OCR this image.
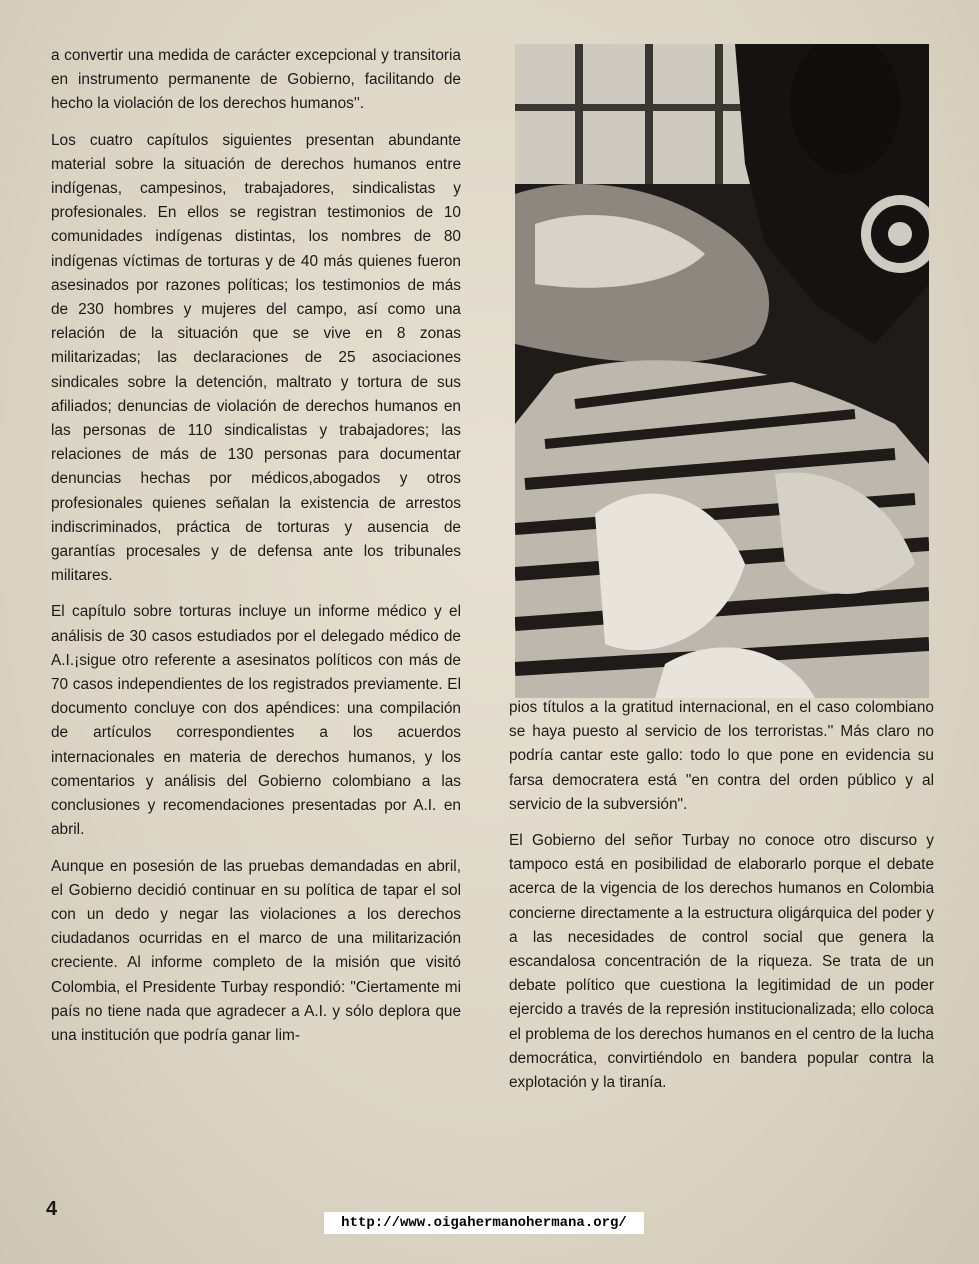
a convertir una medida de carácter excepcional y transitoria en instrumento permanente de Gobierno, facilitando de hecho la violación de los derechos humanos''.

Los cuatro capítulos siguientes presentan abundante material sobre la situación de derechos humanos entre indígenas, campesinos, trabajadores, sindicalistas y profesionales. En ellos se registran testimonios de 10 comunidades indígenas distintas, los nombres de 80 indígenas víctimas de torturas y de 40 más quienes fueron asesinados por razones políticas; los testimonios de más de 230 hombres y mujeres del campo, así como una relación de la situación que se vive en 8 zonas militarizadas; las declaraciones de 25 asociaciones sindicales sobre la detención, maltrato y tortura de sus afiliados; denuncias de violación de derechos humanos en las personas de 110 sindicalistas y trabajadores; las relaciones de más de 130 personas para documentar denuncias hechas por médicos,abogados y otros profesionales quienes señalan la existencia de arrestos indiscriminados, práctica de torturas y ausencia de garantías procesales y de defensa ante los tribunales militares.

El capítulo sobre torturas incluye un informe médico y el análisis de 30 casos estudiados por el delegado médico de A.I.¡sigue otro referente a asesinatos políticos con más de 70 casos independientes de los registrados previamente. El documento concluye con dos apéndices: una compilación de artículos correspondientes a los acuerdos internacionales en materia de derechos humanos, y los comentarios y análisis del Gobierno colombiano a las conclusiones y recomendaciones presentadas por A.I. en abril.

Aunque en posesión de las pruebas demandadas en abril, el Gobierno decidió continuar en su política de tapar el sol con un dedo y negar las violaciones a los derechos ciudadanos ocurridas en el marco de una militarización creciente. Al informe completo de la misión que visitó Colombia, el Presidente Turbay respondió: "Ciertamente mi país no tiene nada que agradecer a A.I. y sólo deplora que una institución que podría ganar lim-

pios títulos a la gratitud internacional, en el caso colombiano se haya puesto al servicio de los terroristas.'' Más claro no podría cantar este gallo: todo lo que pone en evidencia su farsa democratera está "en contra del orden público y al servicio de la subversión".

El Gobierno del señor Turbay no conoce otro discurso y tampoco está en posibilidad de elaborarlo porque el debate acerca de la vigencia de los derechos humanos en Colombia concierne directamente a la estructura oligárquica del poder y a las necesidades de control social que genera la escandalosa concentración de la riqueza. Se trata de un debate político que cuestiona la legitimidad de un poder ejercido a través de la represión institucionalizada; ello coloca el problema de los derechos humanos en el centro de la lucha democrática, convirtiéndolo en bandera popular contra la explotación y la tiranía.

4
http://www.oigahermanohermana.org/
